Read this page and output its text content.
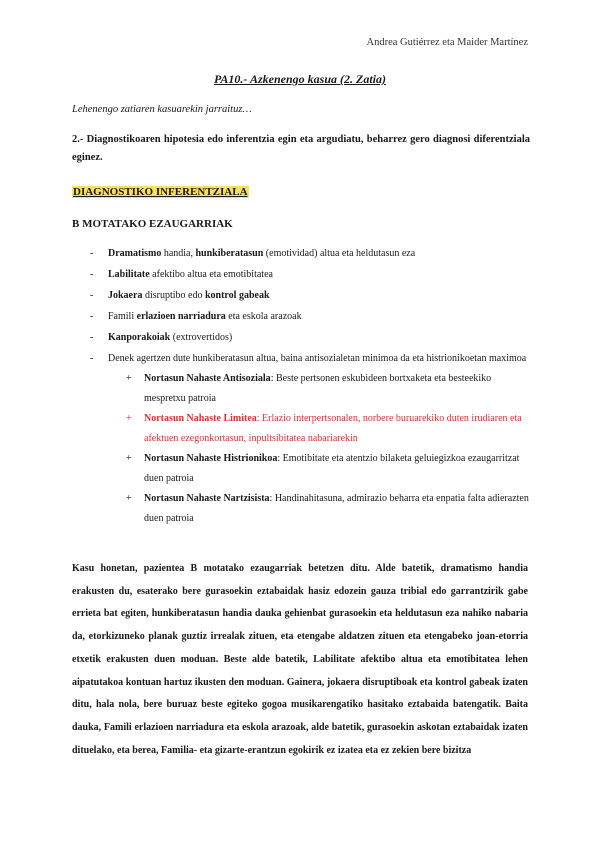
Andrea Gutiérrez eta Maider Martínez
PA10.- Azkenengo kasua (2. Zatia)
Lehenengo zatiaren kasuarekin jarraituz…
2.- Diagnostikoaren hipotesia edo inferentzia egin eta argudiatu, beharrez gero diagnosi diferentziala eginez.
DIAGNOSTIKO INFERENTZIALA
B MOTATAKO EZAUGARRIAK
- Dramatismo handia, hunkiberatasun (emotividad) altua eta heldutasun eza
- Labilitate afektibo altua eta emotibitatea
- Jokaera disruptibo edo kontrol gabeak
- Famili erlazioen narriadura eta eskola arazoak
- Kanporakoiak (extrovertidos)
- Denek agertzen dute hunkiberatasun altua, baina antisozialetan minimoa da eta histrionikoetan maximoa
+ Nortasun Nahaste Antisoziala: Beste pertsonen eskubideen bortxaketa eta besteekiko mespretxu patroia
+ Nortasun Nahaste Limitea: Erlazio interpertsonalen, norbere buruarekiko duten irudiaren eta afektuen ezegonkortasun, inpultsibitatea nabariarekin
+ Nortasun Nahaste Histrionikoa: Emotibitate eta atentzio bilaketa geluiegizkoa ezaugarritzat duen patroia
+ Nortasun Nahaste Nartzisista: Handinahitasuna, admirazio beharra eta enpatia falta adierazten duen patroia
Kasu honetan, pazientea B motatako ezaugarriak betetzen ditu. Alde batetik, dramatismo handia erakusten du, esaterako bere gurasoekin eztabaidak hasiz edozein gauza tribial edo garrantzirik gabe errieta bat egiten, hunkiberatasun handia dauka gehienbat gurasoekin eta heldutasun eza nahiko nabaria da, etorkizuneko planak guztiz irrealak zituen, eta etengabe aldatzen zituen eta etengabeko joan-etorria etxetik erakusten duen moduan. Beste alde batetik, Labilitate afektibo altua eta emotibitatea lehen aipatutakoa kontuan hartuz ikusten den moduan. Gainera, jokaera disruptiboak eta kontrol gabeak izaten ditu, hala nola, bere buruaz beste egiteko gogoa musikarengatiko hasitako eztabaida batengatik. Baita dauka, Famili erlazioen narriadura eta eskola arazoak, alde batetik, gurasoekin askotan eztabaidak izaten dituelako, eta berea, Familia- eta gizarte-erantzun egokirik ez izatea eta ez zekien bere bizitza
